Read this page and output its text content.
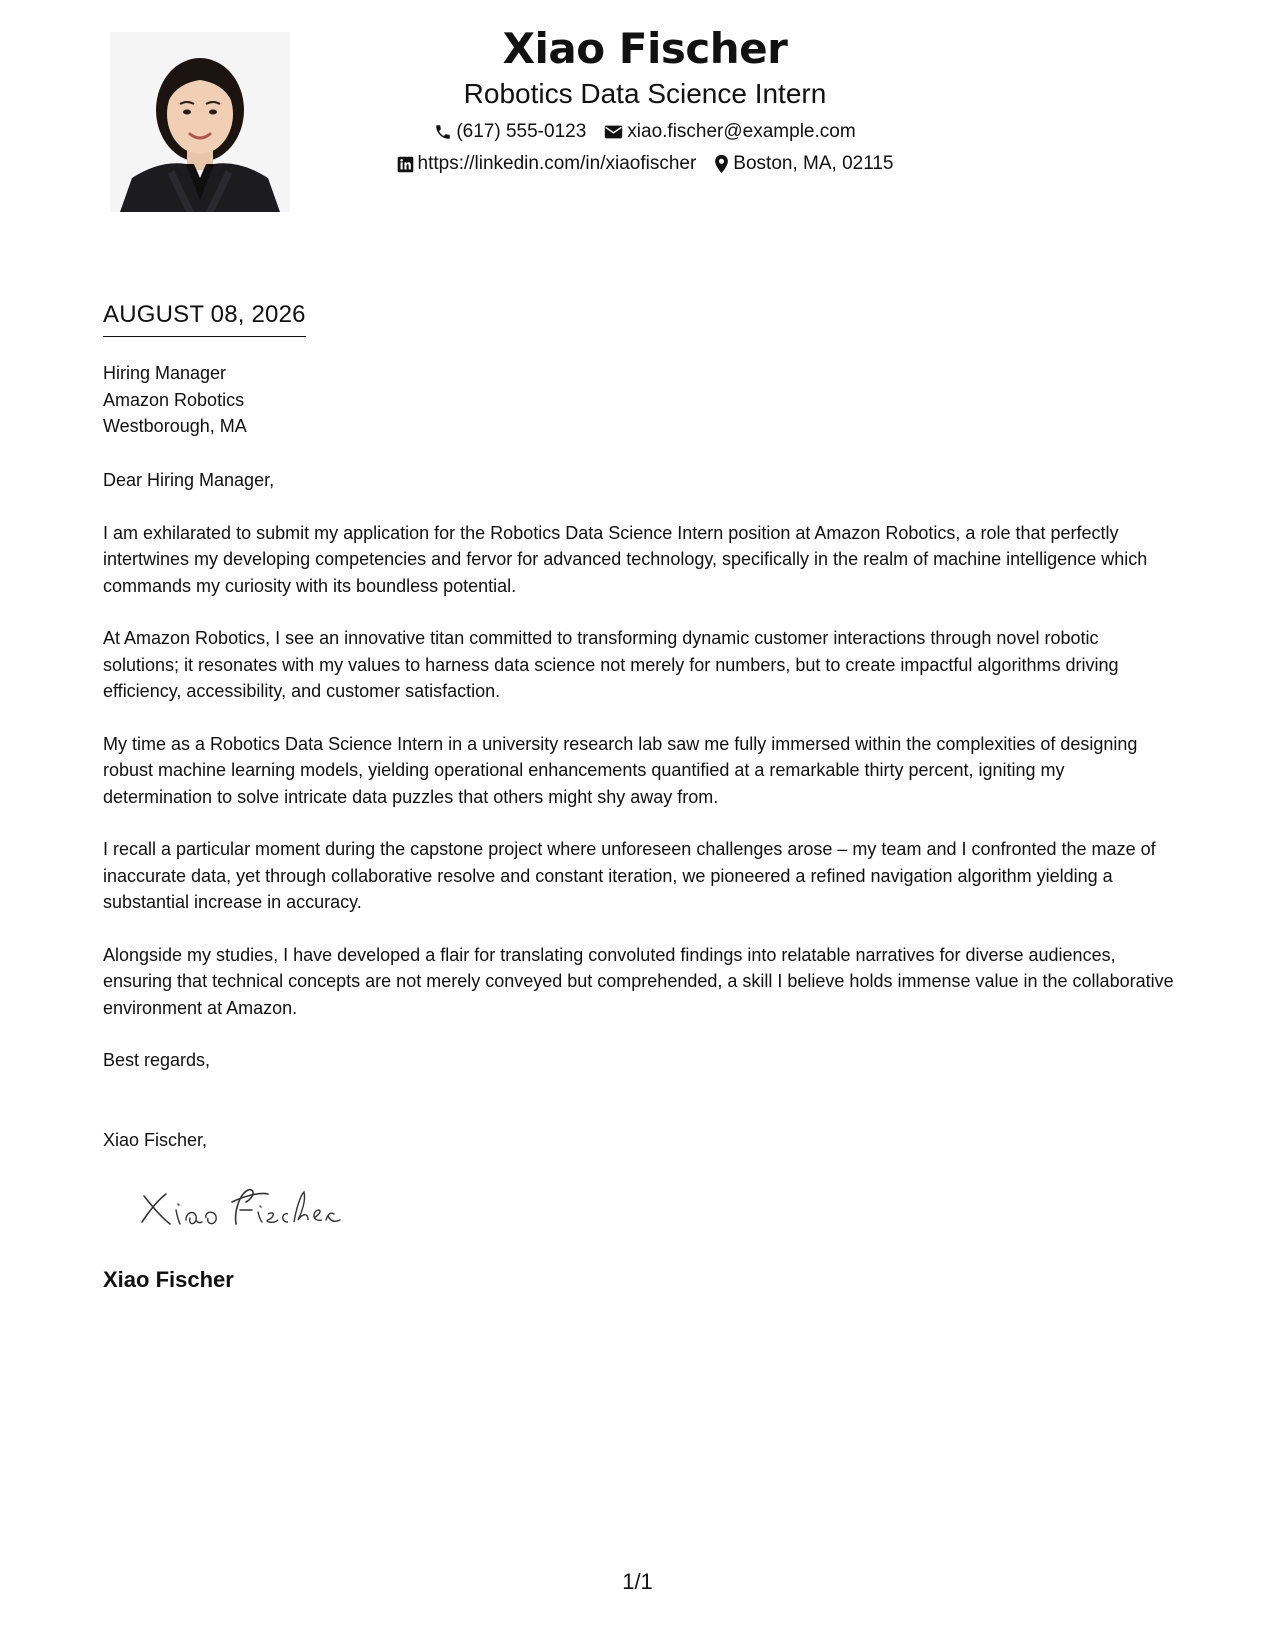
Xiao Fischer
Robotics Data Science Intern
(617) 555-0123 xiao.fischer@example.com
https://linkedin.com/in/xiaofischer Boston, MA, 02115
AUGUST 08, 2026
Hiring Manager
Amazon Robotics
Westborough, MA

Dear Hiring Manager,

I am exhilarated to submit my application for the Robotics Data Science Intern position at Amazon Robotics, a role that perfectly intertwines my developing competencies and fervor for advanced technology, specifically in the realm of machine intelligence which commands my curiosity with its boundless potential.

At Amazon Robotics, I see an innovative titan committed to transforming dynamic customer interactions through novel robotic solutions; it resonates with my values to harness data science not merely for numbers, but to create impactful algorithms driving efficiency, accessibility, and customer satisfaction.

My time as a Robotics Data Science Intern in a university research lab saw me fully immersed within the complexities of designing robust machine learning models, yielding operational enhancements quantified at a remarkable thirty percent, igniting my determination to solve intricate data puzzles that others might shy away from.

I recall a particular moment during the capstone project where unforeseen challenges arose – my team and I confronted the maze of inaccurate data, yet through collaborative resolve and constant iteration, we pioneered a refined navigation algorithm yielding a substantial increase in accuracy.

Alongside my studies, I have developed a flair for translating convoluted findings into relatable narratives for diverse audiences, ensuring that technical concepts are not merely conveyed but comprehended, a skill I believe holds immense value in the collaborative environment at Amazon.

Best regards,
Xiao Fischer,
Xiao Fischer
1/1
